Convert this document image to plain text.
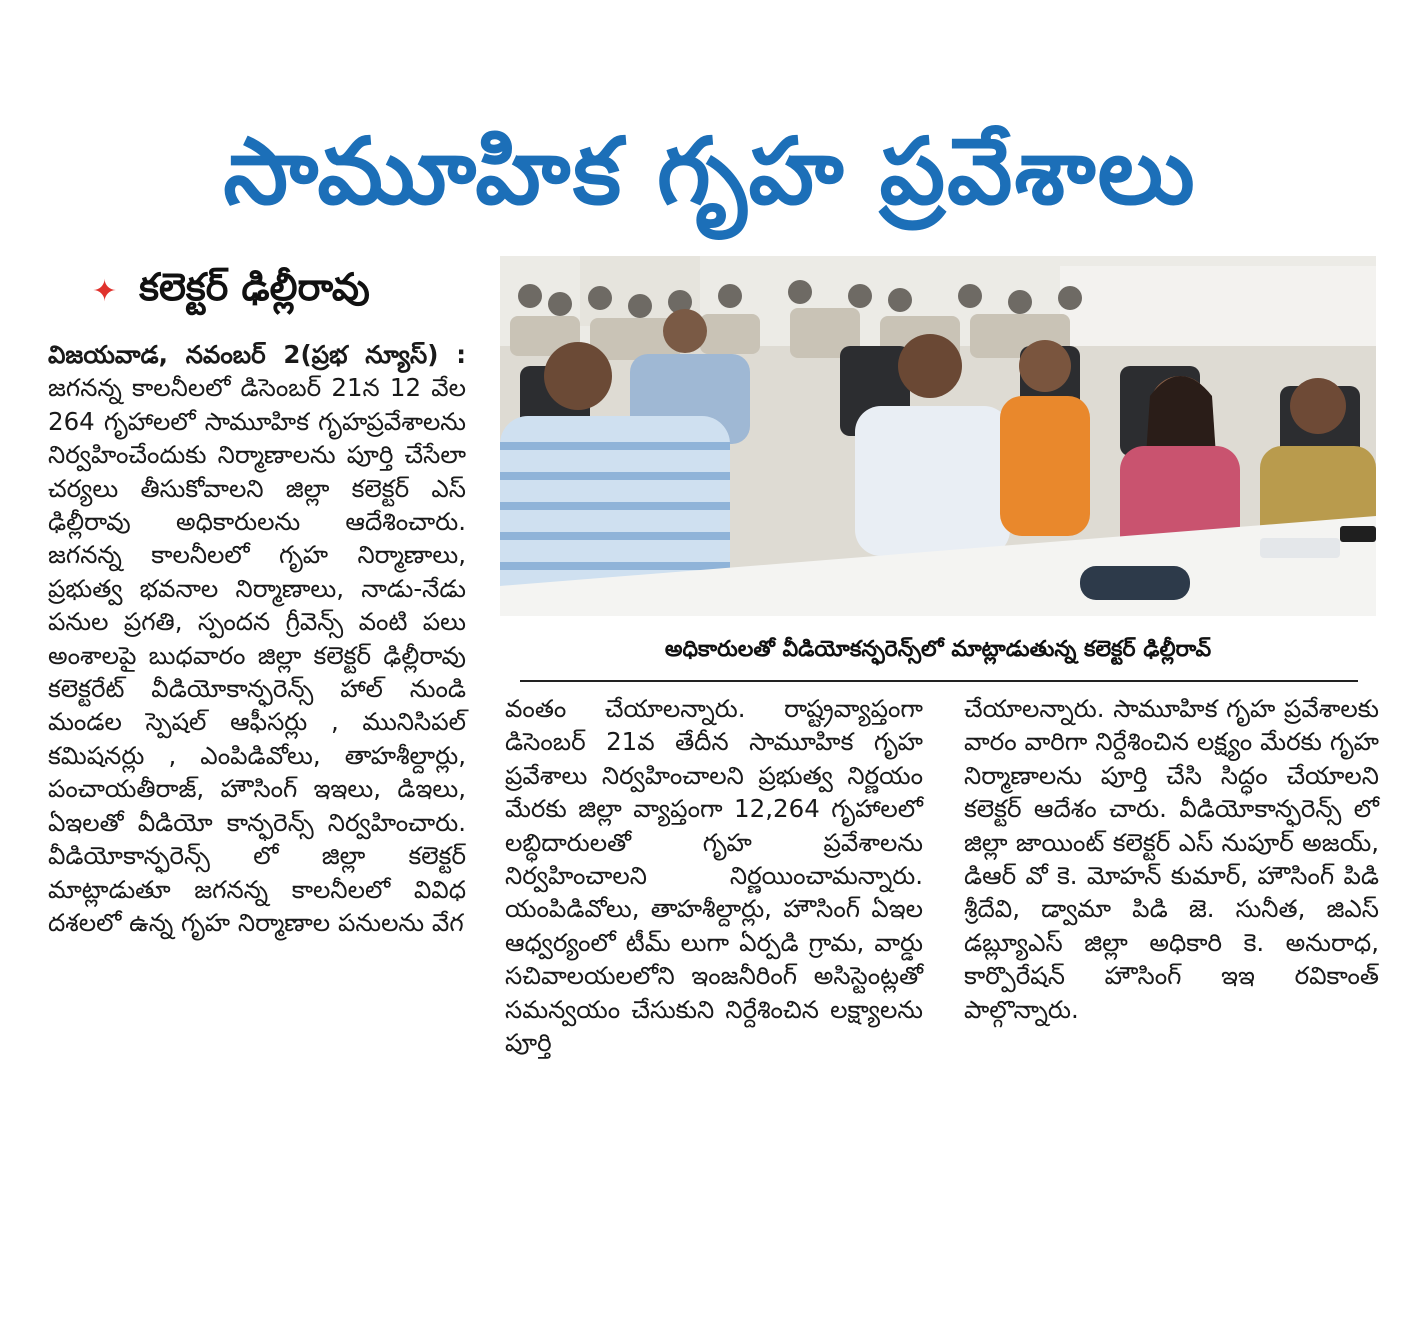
సామూహిక గృహ ప్రవేశాలు
✦ కలెక్టర్ ఢిల్లీరావు

విజయవాడ, నవంబర్ 2(ప్రభ న్యూస్) : జగనన్న కాలనీలలో డిసెంబర్ 21న 12 వేల 264 గృహాలలో సామూహిక గృహప్రవేశాలను నిర్వహించేందుకు నిర్మాణాలను పూర్తి చేసేలా చర్యలు తీసుకోవాలని జిల్లా కలెక్టర్ ఎస్ ఢిల్లీరావు అధికారులను ఆదేశించారు. జగనన్న కాలనీలలో గృహ నిర్మాణాలు, ప్రభుత్వ భవనాల నిర్మాణాలు, నాడు-నేడు పనుల ప్రగతి, స్పందన గ్రీవెన్స్ వంటి పలు అంశాలపై బుధవారం జిల్లా కలెక్టర్ ఢిల్లీరావు కలెక్టరేట్ వీడియోకాన్ఫరెన్స్ హాల్ నుండి మండల స్పెషల్ ఆఫీసర్లు , మునిసిపల్ కమిషనర్లు , ఎంపిడివోలు, తాహశీల్దార్లు, పంచాయతీరాజ్, హౌసింగ్ ఇఇలు, డిఇలు, ఏఇలతో వీడియో కాన్ఫరెన్స్ నిర్వహించారు. వీడియోకాన్ఫరెన్స్ లో జిల్లా కలెక్టర్ మాట్లాడుతూ జగనన్న కాలనీలలో వివిధ దశలలో ఉన్న గృహ నిర్మాణాల పనులను వేగ

అధికారులతో వీడియోకన్ఫరెన్స్‌లో మాట్లాడుతున్న కలెక్టర్ ఢిల్లీరావ్

వంతం చేయాలన్నారు. రాష్ట్రవ్యాప్తంగా డిసెంబర్ 21వ తేదీన సామూహిక గృహ ప్రవేశాలు నిర్వహించాలని ప్రభుత్వ నిర్ణయం మేరకు జిల్లా వ్యాప్తంగా 12,264 గృహాలలో లబ్ధిదారులతో గృహ ప్రవేశాలను నిర్వహించాలని నిర్ణయించామన్నారు. యంపిడివోలు, తాహశీల్దార్లు, హౌసింగ్ ఏఇల ఆధ్వర్యంలో టీమ్ లుగా ఏర్పడి గ్రామ, వార్డు సచివాలయలలోని ఇంజనీరింగ్ అసిస్టెంట్లతో సమన్వయం చేసుకుని నిర్దేశించిన లక్ష్యాలను పూర్తి

చేయాలన్నారు. సామూహిక గృహ ప్రవేశాలకు వారం వారిగా నిర్దేశించిన లక్ష్యం మేరకు గృహ నిర్మాణాలను పూర్తి చేసి సిద్ధం చేయాలని కలెక్టర్ ఆదేశం చారు. వీడియోకాన్ఫరెన్స్ లో జిల్లా జాయింట్ కలెక్టర్ ఎస్ నుపూర్ అజయ్, డిఆర్ వో కె. మోహన్ కుమార్, హౌసింగ్ పిడి శ్రీదేవి, డ్వామా పిడి జె. సునీత, జిఎస్ డబ్ల్యూఎస్ జిల్లా అధికారి కె. అనురాధ, కార్పొరేషన్ హౌసింగ్ ఇఇ రవికాంత్ పాల్గొన్నారు.
